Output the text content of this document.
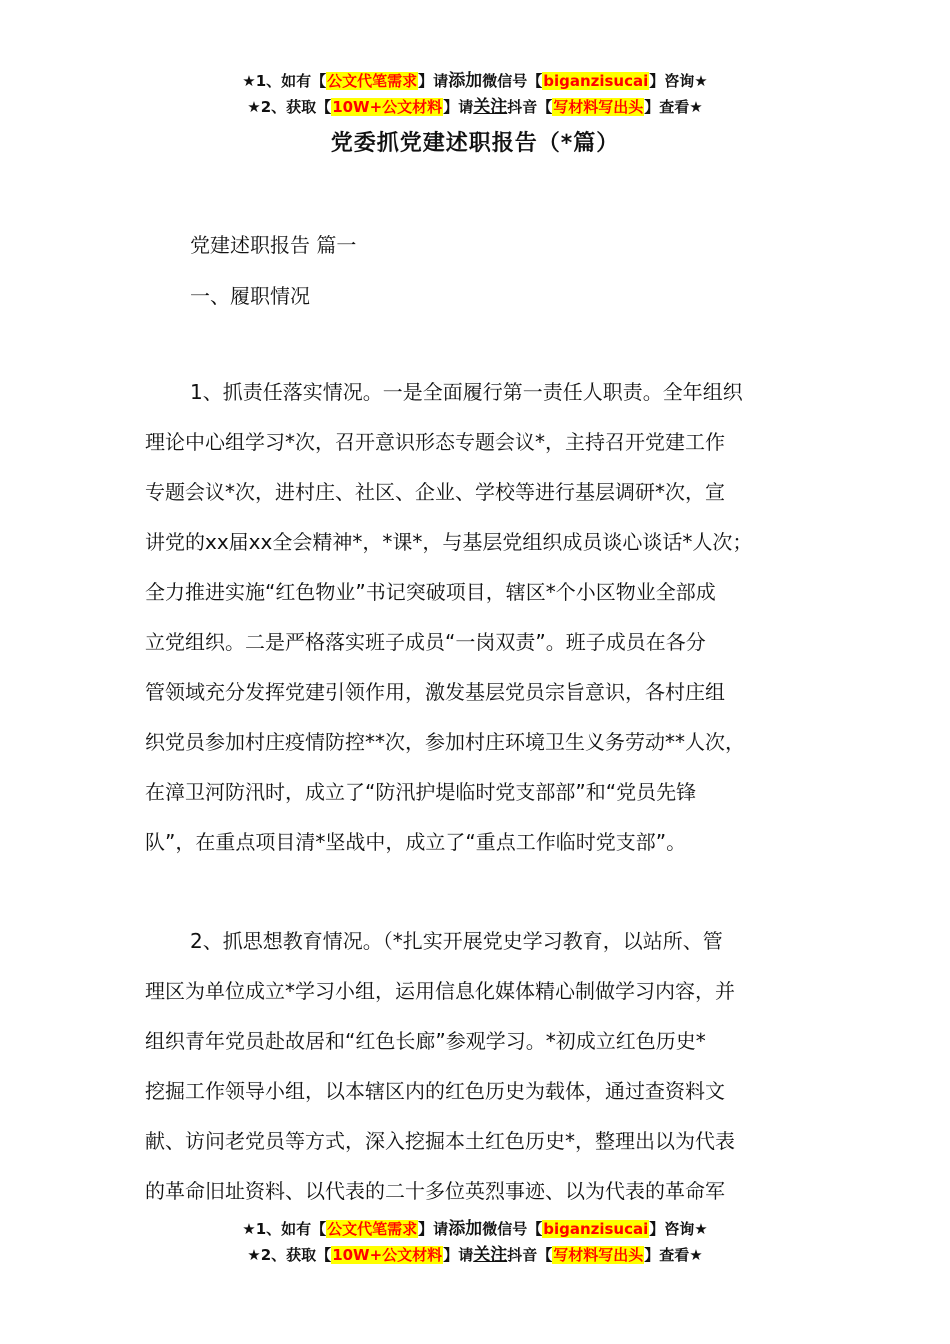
★1、如有【公文代笔需求】请添加微信号【biganzisucai】咨询★
★2、获取【10W+公文材料】请关注抖音【写材料写出头】查看★
党委抓党建述职报告（*篇）
党建述职报告 篇一
一、履职情况
1、抓责任落实情况。一是全面履行第一责任人职责。全年组织
理论中心组学习*次，召开意识形态专题会议*，主持召开党建工作
专题会议*次，进村庄、社区、企业、学校等进行基层调研*次，宣
讲党的xx届xx全会精神*，*课*，与基层党组织成员谈心谈话*人次；
全力推进实施“红色物业”书记突破项目，辖区*个小区物业全部成
立党组织。二是严格落实班子成员“一岗双责”。班子成员在各分
管领域充分发挥党建引领作用，激发基层党员宗旨意识，各村庄组
织党员参加村庄疫情防控**次，参加村庄环境卫生义务劳动**人次，
在漳卫河防汛时，成立了“防汛护堤临时党支部部”和“党员先锋
队”，在重点项目清*坚战中，成立了“重点工作临时党支部”。
2、抓思想教育情况。（*扎实开展党史学习教育，以站所、管
理区为单位成立*学习小组，运用信息化媒体精心制做学习内容，并
组织青年党员赴故居和“红色长廊”参观学习。*初成立红色历史*
挖掘工作领导小组，以本辖区内的红色历史为载体，通过查资料文
献、访问老党员等方式，深入挖掘本土红色历史*，整理出以为代表
的革命旧址资料、以代表的二十多位英烈事迹、以为代表的革命军
★1、如有【公文代笔需求】请添加微信号【biganzisucai】咨询★
★2、获取【10W+公文材料】请关注抖音【写材料写出头】查看★
